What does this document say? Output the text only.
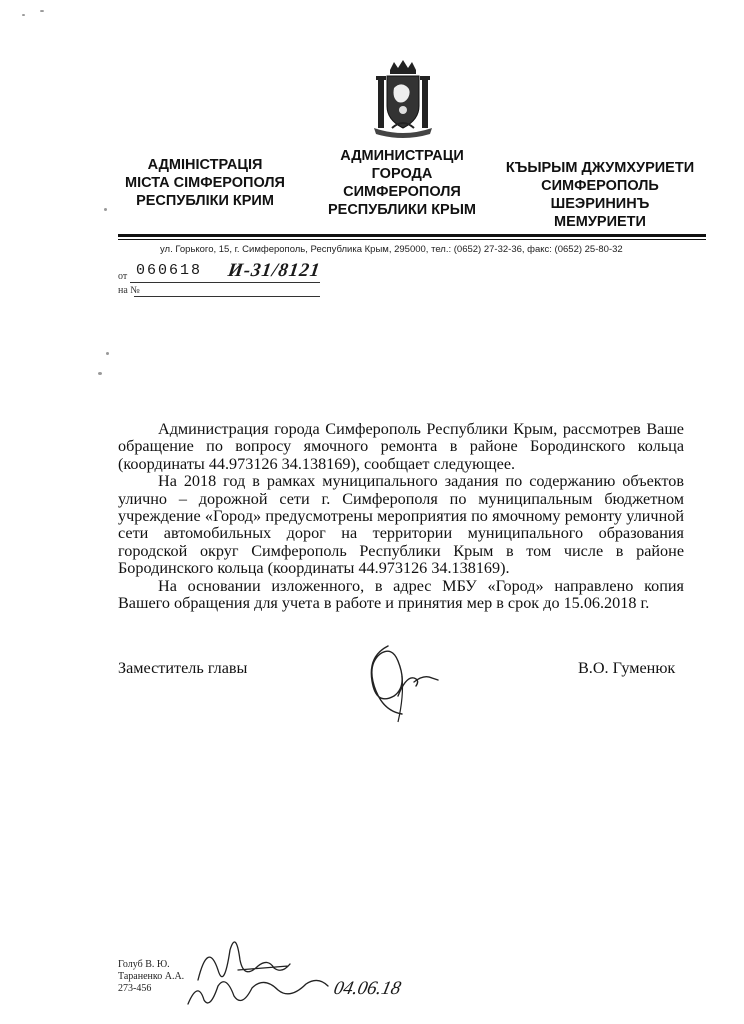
АДМІНІСТРАЦІЯ
МІСТА СІМФЕРОПОЛЯ
РЕСПУБЛІКИ КРИМ
АДМИНИСТРАЦИ
ГОРОДА
СИМФЕРОПОЛЯ
РЕСПУБЛИКИ КРЫМ
КЪЫРЫМ ДЖУМХУРИЕТИ
СИМФЕРОПОЛЬ
ШЕЭРИНИНЪ
МЕМУРИЕТИ
ул. Горького, 15, г. Симферополь, Республика Крым, 295000, тел.: (0652) 27-32-36, факс: (0652) 25-80-32
от
на №
060618 И-31/8121

Администрация города Симферополь Республики Крым, рассмотрев Ваше обращение по вопросу ямочного ремонта в районе Бородинского кольца (координаты 44.973126 34.138169), сообщает следующее.

На 2018 год в рамках муниципального задания по содержанию объектов улично – дорожной сети г. Симферополя по муниципальным бюджетном учреждение «Город» предусмотрены мероприятия по ямочному ремонту уличной сети автомобильных дорог на территории муниципального образования городской округ Симферополь Республики Крым в том числе в районе Бородинского кольца (координаты 44.973126 34.138169).

На основании изложенного, в адрес МБУ «Город» направлено копия Вашего обращения для учета в работе и принятия мер в срок до 15.06.2018 г.

Заместитель главы	В.О. Гуменюк
Голуб В. Ю.
Тараненко А.А.
273-456	04.06.18
